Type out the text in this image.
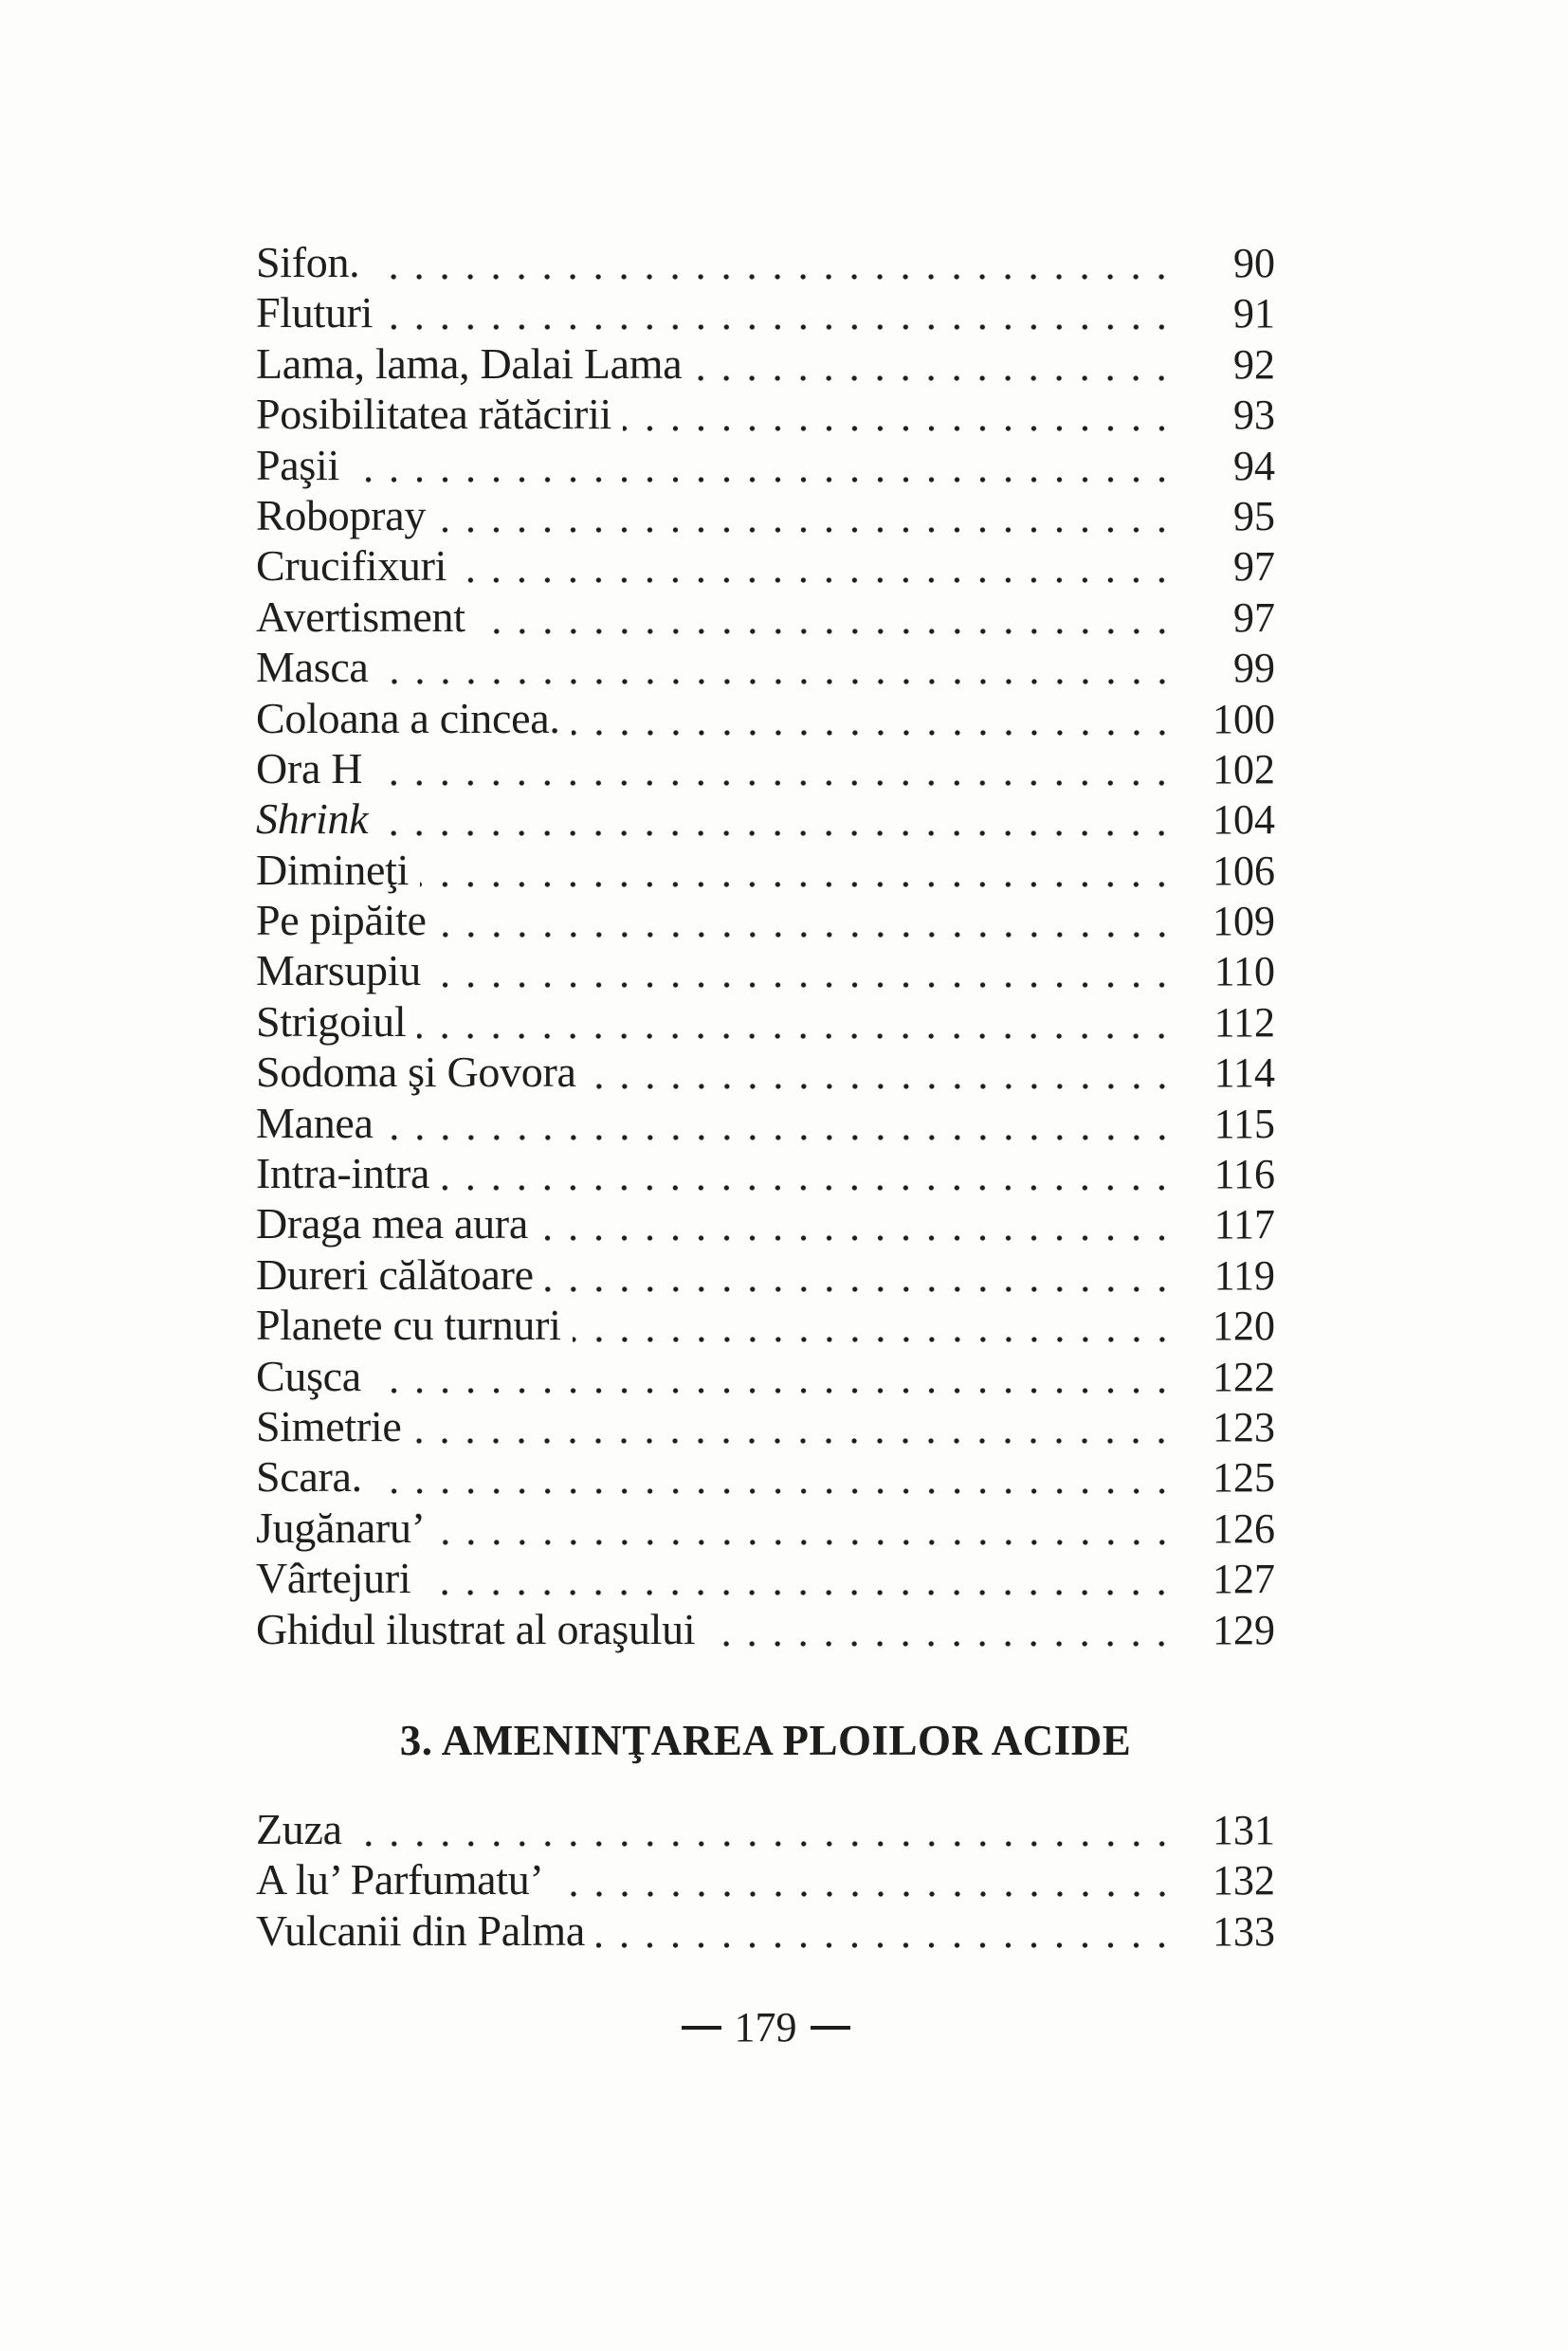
Sifon.	90
Fluturi	91
Lama, lama, Dalai Lama	92
Posibilitatea rătăcirii	93
Paşii	94
Robopray	95
Crucifixuri	97
Avertisment	97
Masca	99
Coloana a cincea.	100
Ora H	102
Shrink	104
Dimineţi	106
Pe pipăite	109
Marsupiu	110
Strigoiul	112
Sodoma şi Govora	114
Manea	115
Intra-intra	116
Draga mea aura	117
Dureri călătoare	119
Planete cu turnuri	120
Cuşca	122
Simetrie	123
Scara.	125
Jugănaru’	126
Vârtejuri	127
Ghidul ilustrat al oraşului	129
3. AMENINŢAREA PLOILOR ACIDE
Zuza	131
A lu’ Parfumatu’	132
Vulcanii din Palma	133
179
